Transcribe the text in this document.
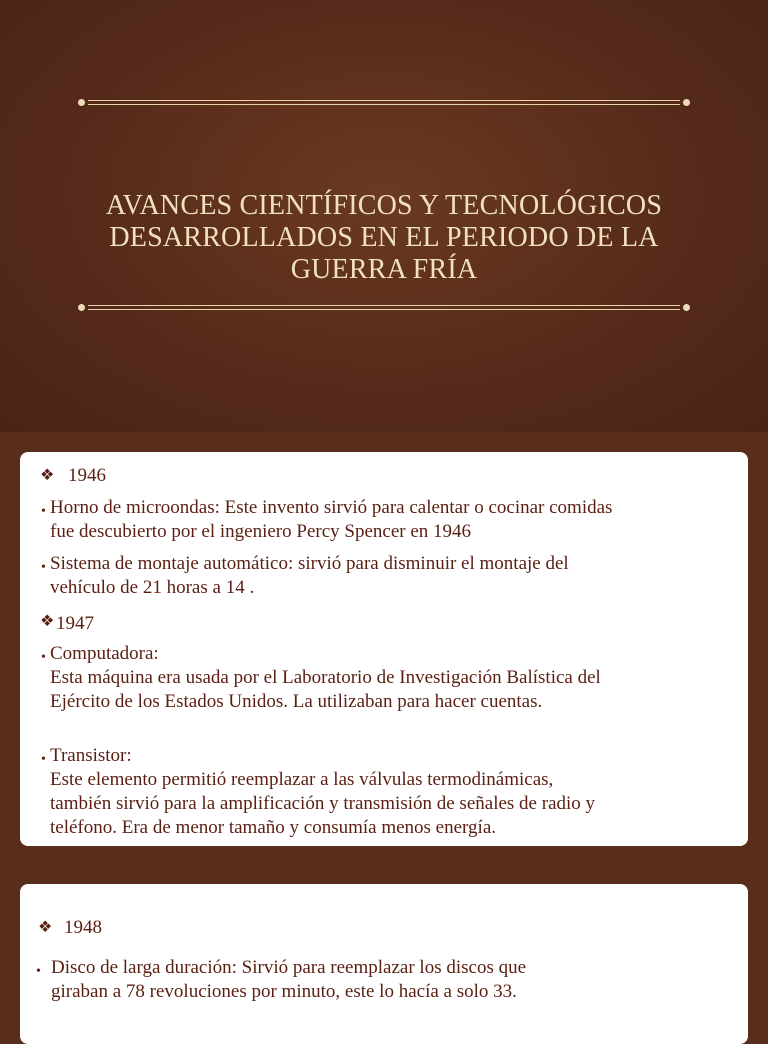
AVANCES CIENTÍFICOS Y TECNOLÓGICOS
DESARROLLADOS EN EL PERIODO DE LA
GUERRA FRÍA
❖ 1946
• Horno de microondas: Este invento sirvió para calentar o cocinar comidas
fue descubierto por el ingeniero Percy Spencer en 1946
• Sistema de montaje automático: sirvió para disminuir el montaje del
vehículo de 21 horas a 14 .
❖ 1947
• Computadora:
Esta máquina era usada por el Laboratorio de Investigación Balística del
Ejército de los Estados Unidos. La utilizaban para hacer cuentas.
• Transistor:
Este elemento permitió reemplazar a las válvulas termodinámicas,
también sirvió para la amplificación y transmisión de señales de radio y
teléfono. Era de menor tamaño y consumía menos energía.
❖ 1948
• Disco de larga duración: Sirvió para reemplazar los discos que
giraban a 78 revoluciones por minuto, este lo hacía a solo 33.
